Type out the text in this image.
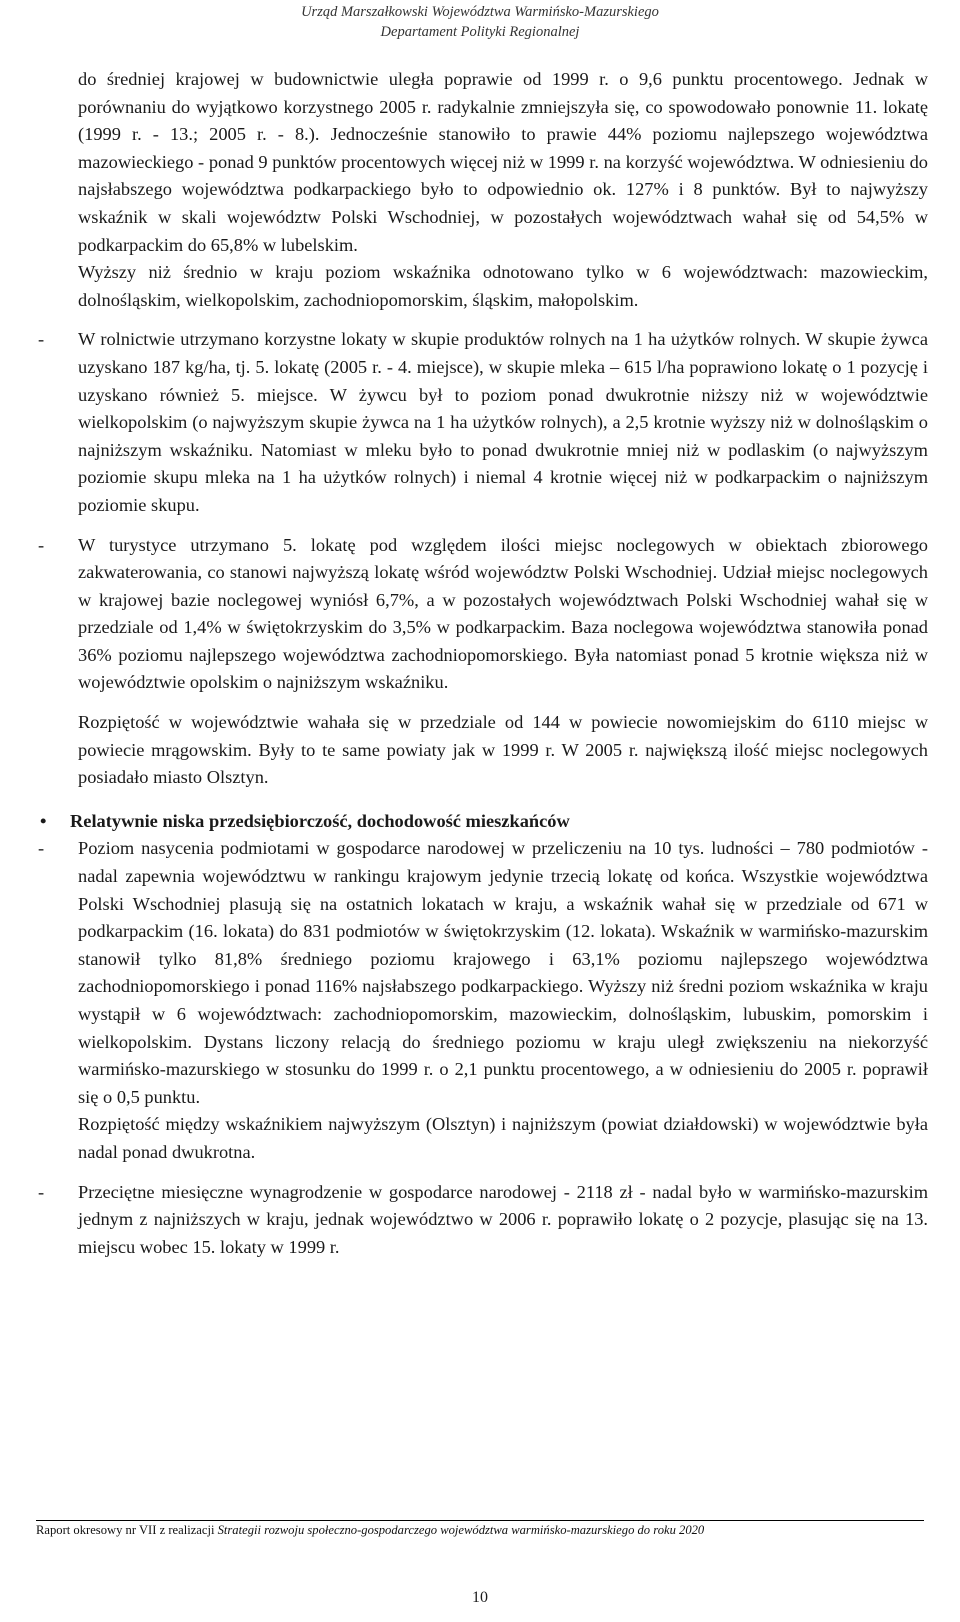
Urząd Marszałkowski Województwa Warmińsko-Mazurskiego
Departament Polityki Regionalnej

do średniej krajowej w budownictwie uległa poprawie od 1999 r. o 9,6 punktu procentowego. Jednak w porównaniu do wyjątkowo korzystnego 2005 r. radykalnie zmniejszyła się, co spowodowało ponownie 11. lokatę (1999 r. - 13.; 2005 r. - 8.). Jednocześnie stanowiło to prawie 44% poziomu najlepszego województwa mazowieckiego - ponad 9 punktów procentowych więcej niż w 1999 r. na korzyść województwa. W odniesieniu do najsłabszego województwa podkarpackiego było to odpowiednio ok. 127% i 8 punktów. Był to najwyższy wskaźnik w skali województw Polski Wschodniej, w pozostałych województwach wahał się od 54,5% w podkarpackim do 65,8% w lubelskim.

Wyższy niż średnio w kraju poziom wskaźnika odnotowano tylko w 6 województwach: mazowieckim, dolnośląskim, wielkopolskim, zachodniopomorskim, śląskim, małopolskim.

- W rolnictwie utrzymano korzystne lokaty w skupie produktów rolnych na 1 ha użytków rolnych. W skupie żywca uzyskano 187 kg/ha, tj. 5. lokatę (2005 r. - 4. miejsce), w skupie mleka – 615 l/ha poprawiono lokatę o 1 pozycję i uzyskano również 5. miejsce. W żywcu był to poziom ponad dwukrotnie niższy niż w województwie wielkopolskim (o najwyższym skupie żywca na 1 ha użytków rolnych), a 2,5 krotnie wyższy niż w dolnośląskim o najniższym wskaźniku. Natomiast w mleku było to ponad dwukrotnie mniej niż w podlaskim (o najwyższym poziomie skupu mleka na 1 ha użytków rolnych) i niemal 4 krotnie więcej niż w podkarpackim o najniższym poziomie skupu.

- W turystyce utrzymano 5. lokatę pod względem ilości miejsc noclegowych w obiektach zbiorowego zakwaterowania, co stanowi najwyższą lokatę wśród województw Polski Wschodniej. Udział miejsc noclegowych w krajowej bazie noclegowej wyniósł 6,7%, a w pozostałych województwach Polski Wschodniej wahał się w przedziale od 1,4% w świętokrzyskim do 3,5% w podkarpackim. Baza noclegowa województwa stanowiła ponad 36% poziomu najlepszego województwa zachodniopomorskiego. Była natomiast ponad 5 krotnie większa niż w województwie opolskim o najniższym wskaźniku.

Rozpiętość w województwie wahała się w przedziale od 144 w powiecie nowomiejskim do 6110 miejsc w powiecie mrągowskim. Były to te same powiaty jak w 1999 r. W 2005 r. największą ilość miejsc noclegowych posiadało miasto Olsztyn.

• Relatywnie niska przedsiębiorczość, dochodowość mieszkańców
- Poziom nasycenia podmiotami w gospodarce narodowej w przeliczeniu na 10 tys. ludności – 780 podmiotów - nadal zapewnia województwu w rankingu krajowym jedynie trzecią lokatę od końca. Wszystkie województwa Polski Wschodniej plasują się na ostatnich lokatach w kraju, a wskaźnik wahał się w przedziale od 671 w podkarpackim (16. lokata) do 831 podmiotów w świętokrzyskim (12. lokata). Wskaźnik w warmińsko-mazurskim stanowił tylko 81,8% średniego poziomu krajowego i 63,1% poziomu najlepszego województwa zachodniopomorskiego i ponad 116% najsłabszego podkarpackiego. Wyższy niż średni poziom wskaźnika w kraju wystąpił w 6 województwach: zachodniopomorskim, mazowieckim, dolnośląskim, lubuskim, pomorskim i wielkopolskim. Dystans liczony relacją do średniego poziomu w kraju uległ zwiększeniu na niekorzyść warmińsko-mazurskiego w stosunku do 1999 r. o 2,1 punktu procentowego, a w odniesieniu do 2005 r. poprawił się o 0,5 punktu.

Rozpiętość między wskaźnikiem najwyższym (Olsztyn) i najniższym (powiat działdowski) w województwie była nadal ponad dwukrotna.

- Przeciętne miesięczne wynagrodzenie w gospodarce narodowej - 2118 zł - nadal było w warmińsko-mazurskim jednym z najniższych w kraju, jednak województwo w 2006 r. poprawiło lokatę o 2 pozycje, plasując się na 13. miejscu wobec 15. lokaty w 1999 r.

Raport okresowy nr VII z realizacji Strategii rozwoju społeczno-gospodarczego województwa warmińsko-mazurskiego do roku 2020
10
